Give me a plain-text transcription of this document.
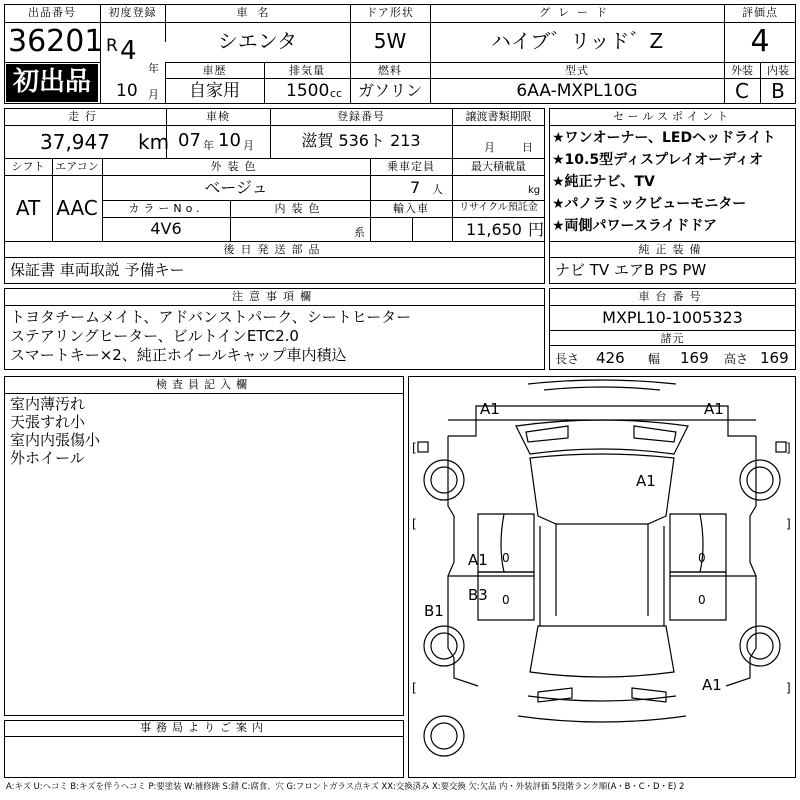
出品番号
36201
初出品
初度登録
R 4
年
10 月
車名
シエンタ
ドア形状
5W
グレード
ハイブ゛リッド゛Z
評価点
4
車歴
自家用
排気量
1500 cc
燃料
ガソリン
型式
6AA-MXPL10G
外装
C
内装
B
走行
37,947 km
車検
07 年 10 月
登録番号
滋賀 536ト 213
譲渡書類期限
月 日
シフト
AT
エアコン
AAC
外装色
ベージュ
乗車定員
7 人
最大積載量
kg
カラーNo.
4V6
内装色
系
輸入車	リサイクル預託金
11,650 円
後日発送部品
保証書 車両取説 予備キー
セールスポイント
★ワンオーナー、LEDヘッドライト
★10.5型ディスプレイオーディオ
★純正ナビ、TV
★パノラミックビューモニター
★両側パワースライドドア
純正装備
ナビ TV エアB PS PW
注意事項欄
トヨタチームメイト、アドバンストパーク、シートヒーター
ステアリングヒーター、ビルトインETC2.0
スマートキー×2、純正ホイールキャップ車内積込
車台番号
MXPL10-1005323
諸元
長さ 426 幅 169 高さ 169
検査員記入欄
室内薄汚れ
天張すれ小
室内内張傷小
外ホイール
事務局よりご案内
A1	A1
A1
A1
B3
B1
A1
[	]
[	]
[	]
0
0
0
0
A:キズ U:ヘコミ B:キズを伴うヘコミ P:要塗装 W:補修跡 S:錆 C:腐食、穴 G:フロントガラス点キズ XX:交換済み X:要交換 欠:欠品 内・外装評価 5段階ランク順(A・B・C・D・E) 2
